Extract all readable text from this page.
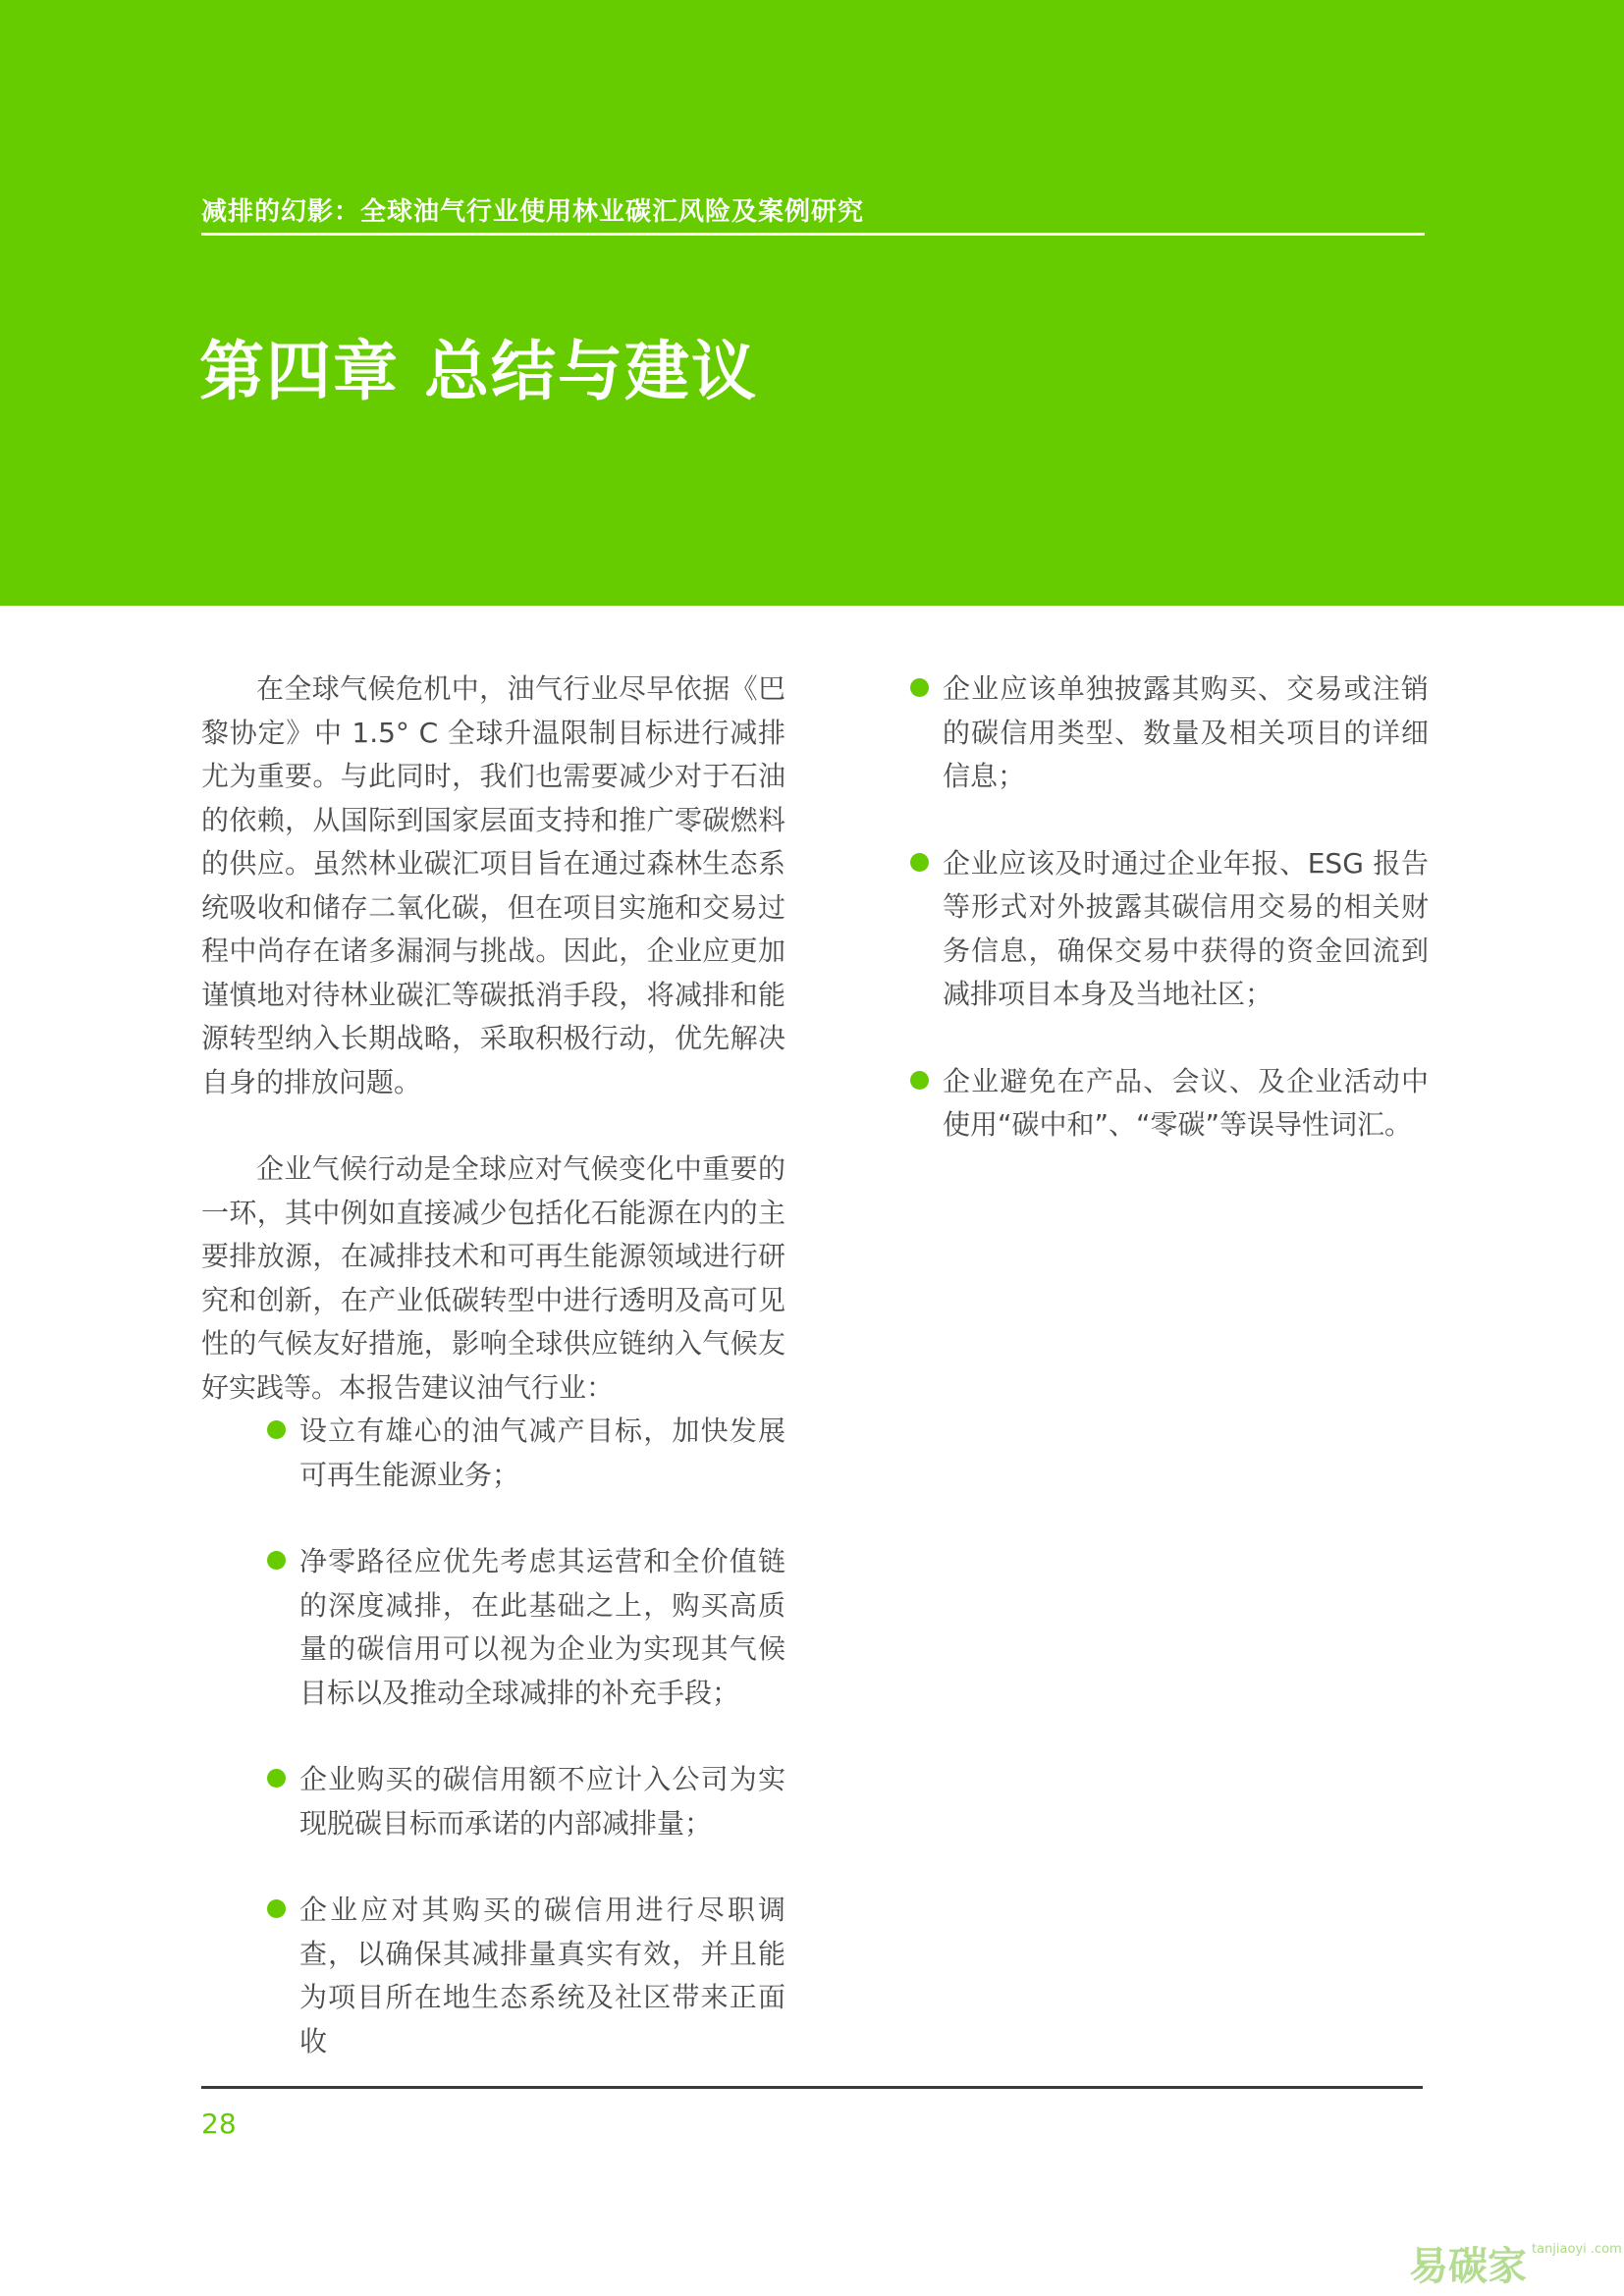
减排的幻影：全球油气行业使用林业碳汇风险及案例研究
第四章 总结与建议

在全球气候危机中，油气行业尽早依据《巴黎协定》中 1.5° C 全球升温限制目标进行减排尤为重要。与此同时，我们也需要减少对于石油的依赖，从国际到国家层面支持和推广零碳燃料的供应。虽然林业碳汇项目旨在通过森林生态系统吸收和储存二氧化碳，但在项目实施和交易过程中尚存在诸多漏洞与挑战。因此，企业应更加谨慎地对待林业碳汇等碳抵消手段，将减排和能源转型纳入长期战略，采取积极行动，优先解决自身的排放问题。

企业气候行动是全球应对气候变化中重要的一环，其中例如直接减少包括化石能源在内的主要排放源，在减排技术和可再生能源领域进行研究和创新，在产业低碳转型中进行透明及高可见性的气候友好措施，影响全球供应链纳入气候友好实践等。本报告建议油气行业：

设立有雄心的油气减产目标，加快发展可再生能源业务；
净零路径应优先考虑其运营和全价值链的深度减排，在此基础之上，购买高质量的碳信用可以视为企业为实现其气候目标以及推动全球减排的补充手段；
企业购买的碳信用额不应计入公司为实现脱碳目标而承诺的内部减排量；
企业应对其购买的碳信用进行尽职调查，以确保其减排量真实有效，并且能为项目所在地生态系统及社区带来正面收
企业应该单独披露其购买、交易或注销的碳信用类型、数量及相关项目的详细信息；
企业应该及时通过企业年报、ESG 报告等形式对外披露其碳信用交易的相关财务信息，确保交易中获得的资金回流到减排项目本身及当地社区；
企业避免在产品、会议、及企业活动中使用“碳中和”、“零碳”等误导性词汇。
28
易碳家 tanjiaoyi .com
